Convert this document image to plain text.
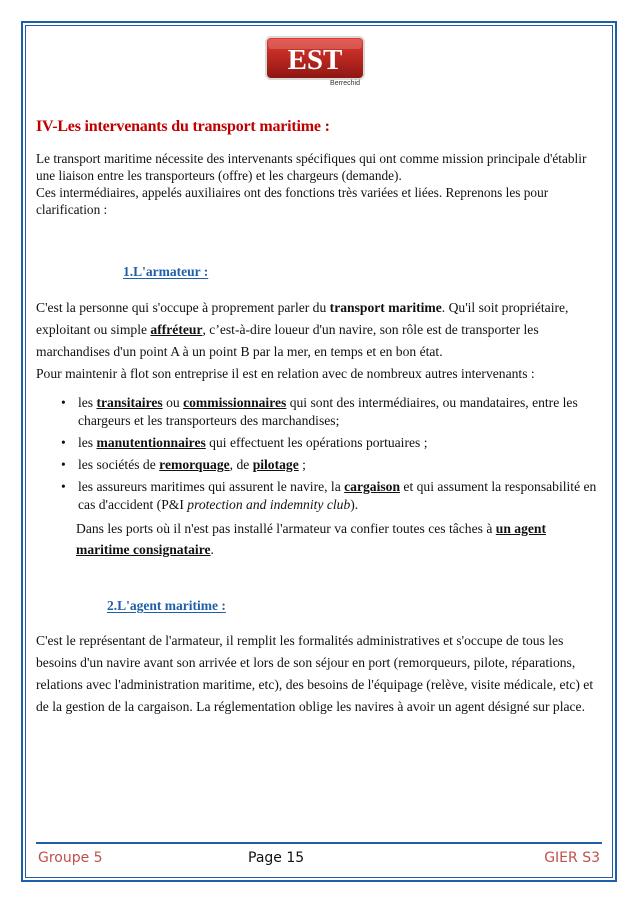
EST
Berrechid
IV-Les intervenants du transport maritime :

Le transport maritime nécessite des intervenants spécifiques qui ont comme mission principale d'établir une liaison entre les transporteurs (offre) et les chargeurs (demande).

Ces intermédiaires, appelés auxiliaires ont des fonctions très variées et liées. Reprenons les pour clarification :

1.L'armateur :

C'est la personne qui s'occupe à proprement parler du transport maritime. Qu'il soit propriétaire, exploitant ou simple affréteur, c’est-à-dire loueur d'un navire, son rôle est de transporter les marchandises d'un point A à un point B par la mer, en temps et en bon état.

Pour maintenir à flot son entreprise il est en relation avec de nombreux autres intervenants :

• les transitaires ou commissionnaires qui sont des intermédiaires, ou mandataires, entre les chargeurs et les transporteurs des marchandises;
• les manutentionnaires qui effectuent les opérations portuaires ;
• les sociétés de remorquage, de pilotage ;
• les assureurs maritimes qui assurent le navire, la cargaison et qui assument la responsabilité en cas d'accident (P&I protection and indemnity club).
Dans les ports où il n'est pas installé l'armateur va confier toutes ces tâches à un agent maritime consignataire.
2.L'agent maritime :

C'est le représentant de l'armateur, il remplit les formalités administratives et s'occupe de tous les besoins d'un navire avant son arrivée et lors de son séjour en port (remorqueurs, pilote, réparations, relations avec l'administration maritime, etc), des besoins de l'équipage (relève, visite médicale, etc) et de la gestion de la cargaison. La réglementation oblige les navires à avoir un agent désigné sur place.

Groupe 5	Page 15	GIER S3
